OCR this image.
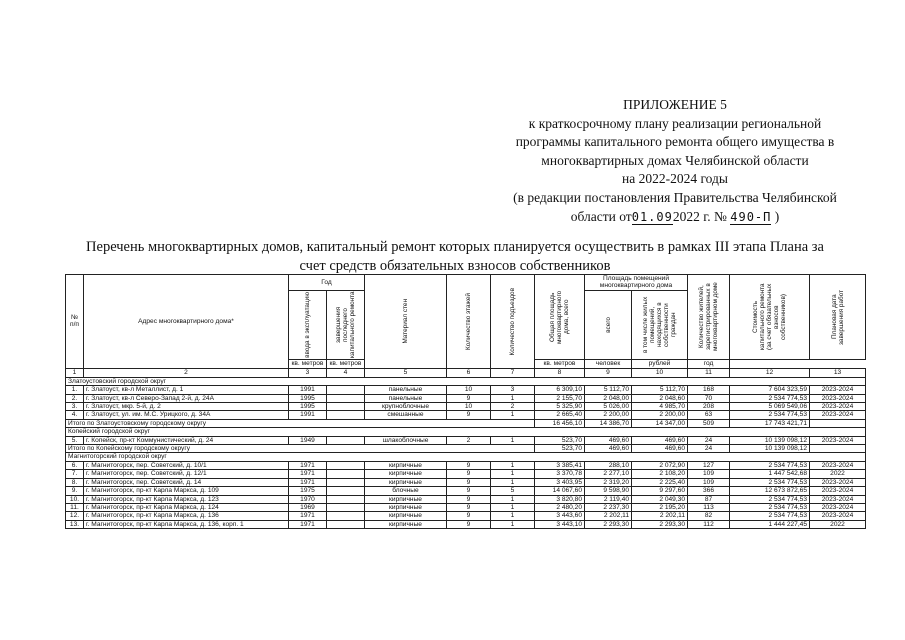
ПРИЛОЖЕНИЕ 5
к краткосрочному плану реализации региональной
программы капитального ремонта общего имущества в
многоквартирных домах Челябинской области
на 2022-2024 годы
(в редакции постановления Правительства Челябинской
области от01.092022 г. № 490-П )
Перечень многоквартирных домов, капитальный ремонт которых планируется осуществить в рамках III этапа Плана за
счет средств обязательных взносов собственников
№ п/п	Адрес многоквартирного дома*	Год		Материал стен	Количество этажей	Количество подъездов	Общая площадь многоквартирного дома, всего	Площадь помещений многоквартирного дома		Количество жителей, зарегистрированных в многоквартирном доме	Стоимость капитального ремонта (за счет обязательных взносов собственников)	Плановая дата завершения работ

		ввода в эксплуатацию	завершения последнего капитального ремонта					всего	в том числе жилых помещений, находящихся в собственности граждан			

		кв. метров	кв. метров				кв. метров	человек	рублей	год		
1	2	3	4	5	6	7	8	9	10	11	12	13
Златоустовский городской округ												
1.	г. Златоуст, кв-л Металлист, д. 1	1991		панельные	10	3	6 309,10	5 112,70	5 112,70	168	7 604 323,59	2023-2024
2.	г. Златоуст, кв-л Северо-Запад 2-й, д. 24А	1995		панельные	9	1	2 155,70	2 048,00	2 048,60	70	2 534 774,53	2023-2024
3.	г. Златоуст, мкр. 5-й, д. 2	1995		крупноблочные	10	2	5 325,90	5 026,00	4 985,70	208	5 069 549,06	2023-2024
4.	г. Златоуст, ул. им. М.С. Урицкого, д. 34А	1991		смешанные	9	1	2 665,40	2 200,00	2 200,00	63	2 534 774,53	2023-2024
Итого по Златоустовскому городскому округу							16 456,10	14 386,70	14 347,00	509	17 743 421,71	
Копейский городской округ												
5.	г. Копейск, пр-кт Коммунистический, д. 24	1949		шлакоблочные	2	1	523,70	469,60	469,60	24	10 139 098,12	2023-2024
Итого по Копейскому городскому округу							523,70	469,60	469,60	24	10 139 098,12	
Магнитогорский городской округ												
6.	г. Магнитогорск, пер. Советский, д. 10/1	1971		кирпичные	9	1	3 385,41	288,10	2 072,90	127	2 534 774,53	2023-2024
7.	г. Магнитогорск, пер. Советский, д. 12/1	1971		кирпичные	9	1	3 370,78	2 277,10	2 108,20	109	1 447 542,68	2022
8.	г. Магнитогорск, пер. Советский, д. 14	1971		кирпичные	9	1	3 403,95	2 319,20	2 225,40	109	2 534 774,53	2023-2024
9.	г. Магнитогорск, пр-кт Карла Маркса, д. 109	1975		блочные	9	5	14 067,60	9 598,90	9 297,60	366	12 673 872,65	2023-2024
10.	г. Магнитогорск, пр-кт Карла Маркса, д. 123	1970		кирпичные	9	1	3 820,80	2 119,40	2 049,30	87	2 534 774,53	2023-2024
11.	г. Магнитогорск, пр-кт Карла Маркса, д. 124	1969		кирпичные	9	1	2 480,20	2 237,30	2 195,20	113	2 534 774,53	2023-2024
12.	г. Магнитогорск, пр-кт Карла Маркса, д. 136	1971		кирпичные	9	1	3 443,60	2 202,11	2 202,11	82	2 534 774,53	2023-2024
13.	г. Магнитогорск, пр-кт Карла Маркса, д. 136, корп. 1	1971		кирпичные	9	1	3 443,10	2 293,30	2 293,30	112	1 444 227,45	2022
